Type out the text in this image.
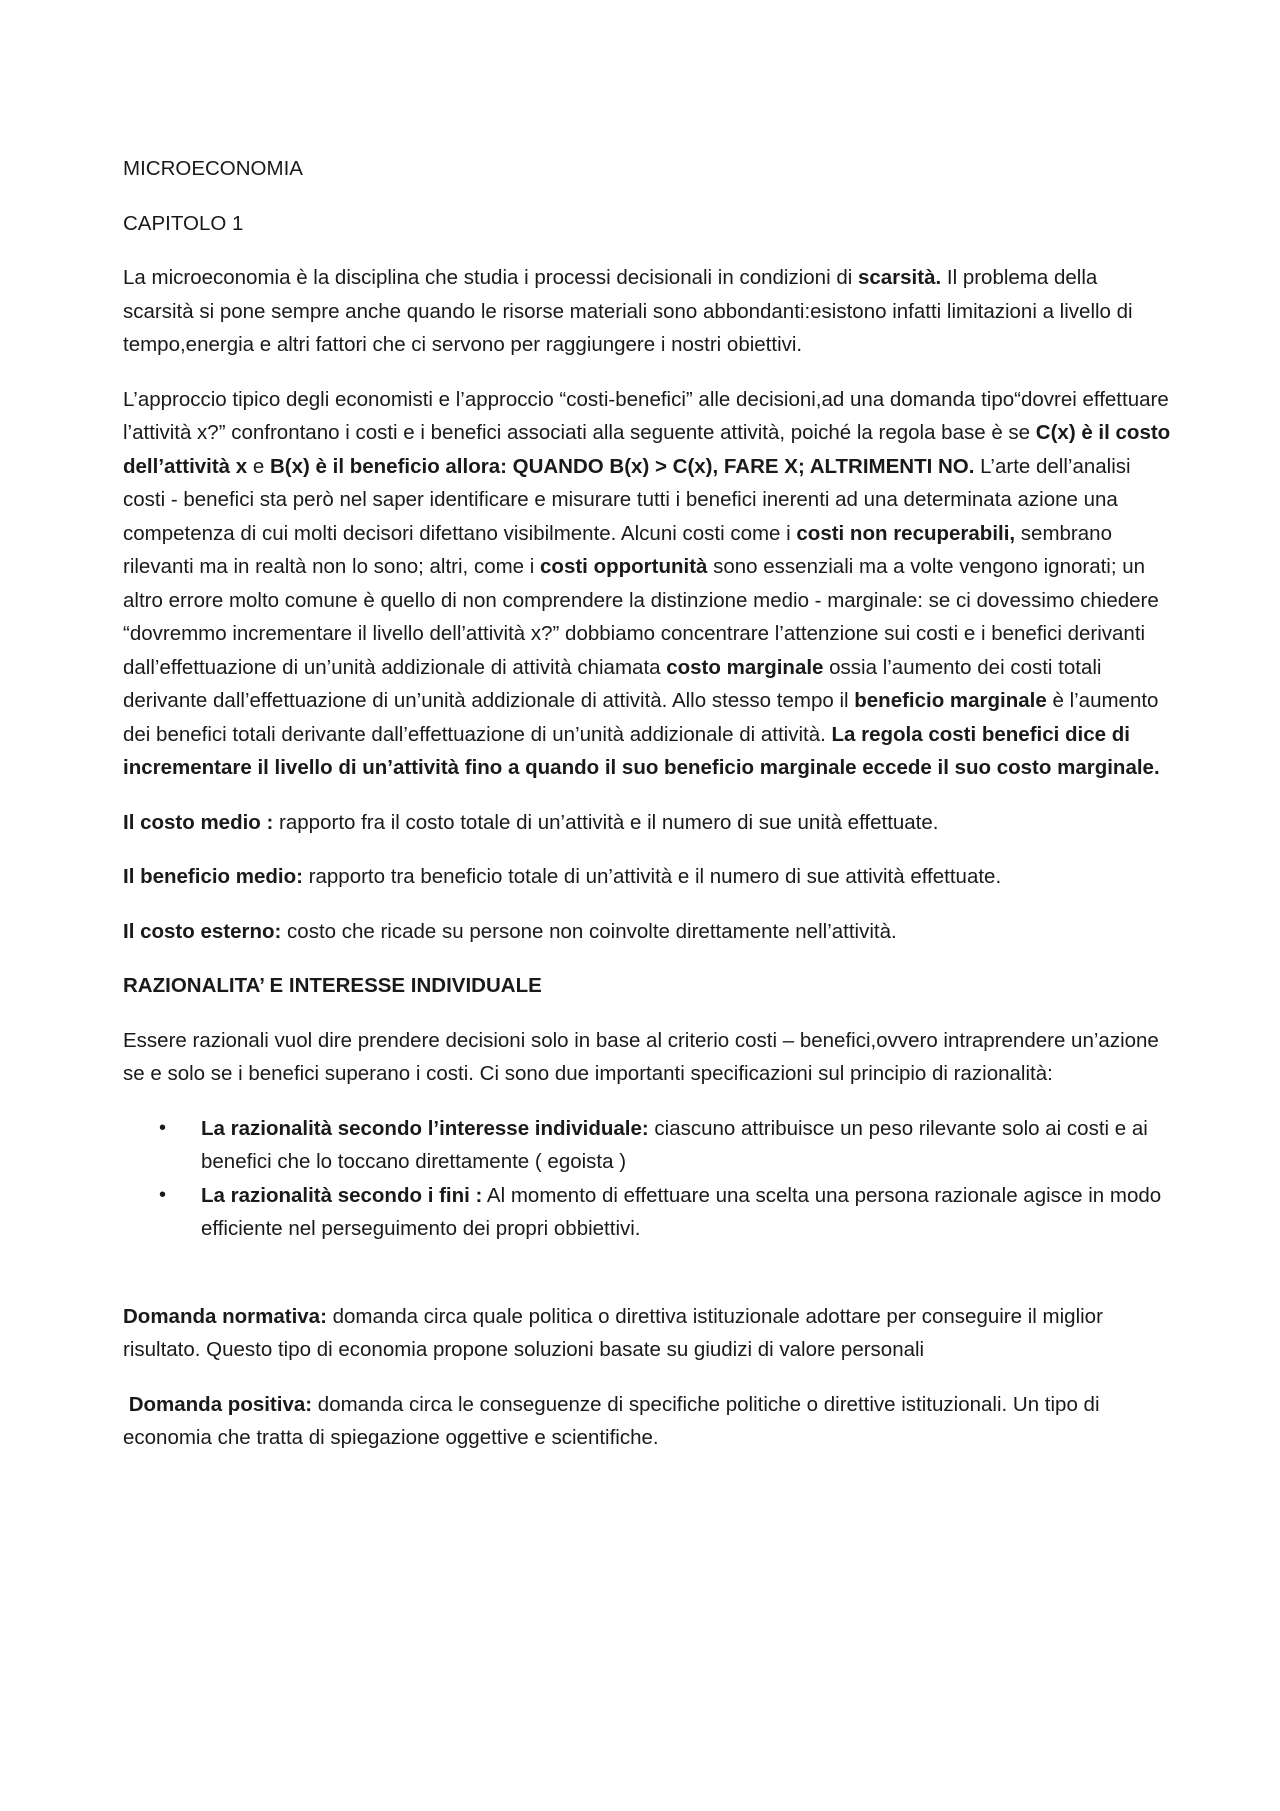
MICROECONOMIA

CAPITOLO 1

La microeconomia è la disciplina che studia i processi decisionali in condizioni di scarsità. Il problema della scarsità si pone sempre anche quando le risorse materiali sono abbondanti:esistono infatti limitazioni a livello di tempo,energia e altri fattori che ci servono per raggiungere i nostri obiettivi.

L’approccio tipico degli economisti e l’approccio “costi-benefici” alle decisioni,ad una domanda tipo“dovrei effettuare l’attività x?” confrontano i costi e i benefici associati alla seguente attività, poiché la regola base è se C(x) è il costo dell’attività x e B(x) è il beneficio allora: QUANDO B(x) > C(x), FARE X; ALTRIMENTI NO. L’arte dell’analisi costi - benefici sta però nel saper identificare e misurare tutti i benefici inerenti ad una determinata azione una competenza di cui molti decisori difettano visibilmente. Alcuni costi come i costi non recuperabili, sembrano rilevanti ma in realtà non lo sono; altri, come i costi opportunità sono essenziali ma a volte vengono ignorati; un altro errore molto comune è quello di non comprendere la distinzione medio - marginale: se ci dovessimo chiedere “dovremmo incrementare il livello dell’attività x?” dobbiamo concentrare l’attenzione sui costi e i benefici derivanti dall’effettuazione di un’unità addizionale di attività chiamata costo marginale ossia l’aumento dei costi totali derivante dall’effettuazione di un’unità addizionale di attività. Allo stesso tempo il beneficio marginale è l’aumento dei benefici totali derivante dall’effettuazione di un’unità addizionale di attività. La regola costi benefici dice di incrementare il livello di un’attività fino a quando il suo beneficio marginale eccede il suo costo marginale.

Il costo medio : rapporto fra il costo totale di un’attività e il numero di sue unità effettuate.

Il beneficio medio: rapporto tra beneficio totale di un’attività e il numero di sue attività effettuate.

Il costo esterno: costo che ricade su persone non coinvolte direttamente nell’attività.

RAZIONALITA’ E INTERESSE INDIVIDUALE

Essere razionali vuol dire prendere decisioni solo in base al criterio costi – benefici,ovvero intraprendere un’azione se e solo se i benefici superano i costi. Ci sono due importanti specificazioni sul principio di razionalità:

• La razionalità secondo l’interesse individuale: ciascuno attribuisce un peso rilevante solo ai costi e ai benefici che lo toccano direttamente ( egoista )
• La razionalità secondo i fini : Al momento di effettuare una scelta una persona razionale agisce in modo efficiente nel perseguimento dei propri obbiettivi.

Domanda normativa: domanda circa quale politica o direttiva istituzionale adottare per conseguire il miglior risultato. Questo tipo di economia propone soluzioni basate su giudizi di valore personali

Domanda positiva: domanda circa le conseguenze di specifiche politiche o direttive istituzionali. Un tipo di economia che tratta di spiegazione oggettive e scientifiche.
